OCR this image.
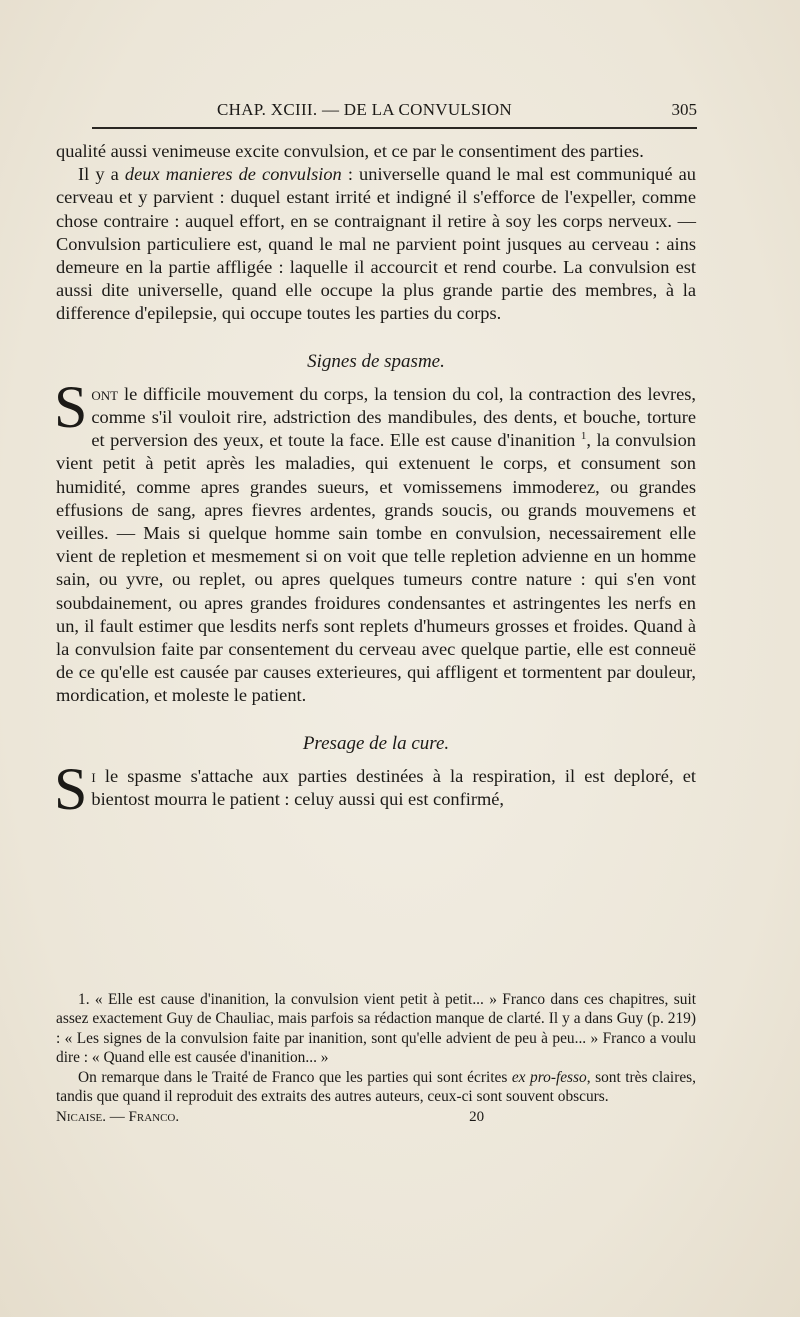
CHAP. XCIII. — DE LA CONVULSION	305

qualité aussi venimeuse excite convulsion, et ce par le consentiment des parties.

Il y a deux manieres de convulsion : universelle quand le mal est communiqué au cerveau et y parvient : duquel estant irrité et indigné il s'efforce de l'expeller, comme chose contraire : auquel effort, en se contraignant il retire à soy les corps nerveux. — Convulsion particuliere est, quand le mal ne parvient point jusques au cerveau : ains demeure en la partie affligée : laquelle il accourcit et rend courbe. La convulsion est aussi dite universelle, quand elle occupe la plus grande partie des membres, à la difference d'epilepsie, qui occupe toutes les parties du corps.

Signes de spasme.

Sont le difficile mouvement du corps, la tension du col, la contraction des levres, comme s'il vouloit rire, adstriction des mandibules, des dents, et bouche, torture et perversion des yeux, et toute la face. Elle est cause d'inanition $^1$, la convulsion vient petit à petit après les maladies, qui extenuent le corps, et consument son humidité, comme apres grandes sueurs, et vomissemens immoderez, ou grandes effusions de sang, apres fievres ardentes, grands soucis, ou grands mouvemens et veilles. — Mais si quelque homme sain tombe en convulsion, necessairement elle vient de repletion et mesmement si on voit que telle repletion advienne en un homme sain, ou yvre, ou replet, ou apres quelques tumeurs contre nature : qui s'en vont soubdainement, ou apres grandes froidures condensantes et astringentes les nerfs en un, il fault estimer que lesdits nerfs sont replets d'humeurs grosses et froides. Quand à la convulsion faite par consentement du cerveau avec quelque partie, elle est conneuë de ce qu'elle est causée par causes exterieures, qui affligent et tormentent par douleur, mordication, et moleste le patient.

Presage de la cure.

Si le spasme s'attache aux parties destinées à la respiration, il est deploré, et bientost mourra le patient : celuy aussi qui est confirmé,

1. « Elle est cause d'inanition, la convulsion vient petit à petit... » Franco dans ces chapitres, suit assez exactement Guy de Chauliac, mais parfois sa rédaction manque de clarté. Il y a dans Guy (p. 219) : « Les signes de la convulsion faite par inanition, sont qu'elle advient de peu à peu... » Franco a voulu dire : « Quand elle est causée d'inanition... »

On remarque dans le Traité de Franco que les parties qui sont écrites ex pro-fesso, sont très claires, tandis que quand il reproduit des extraits des autres auteurs, ceux-ci sont souvent obscurs.

Nicaise. — Franco.	20
